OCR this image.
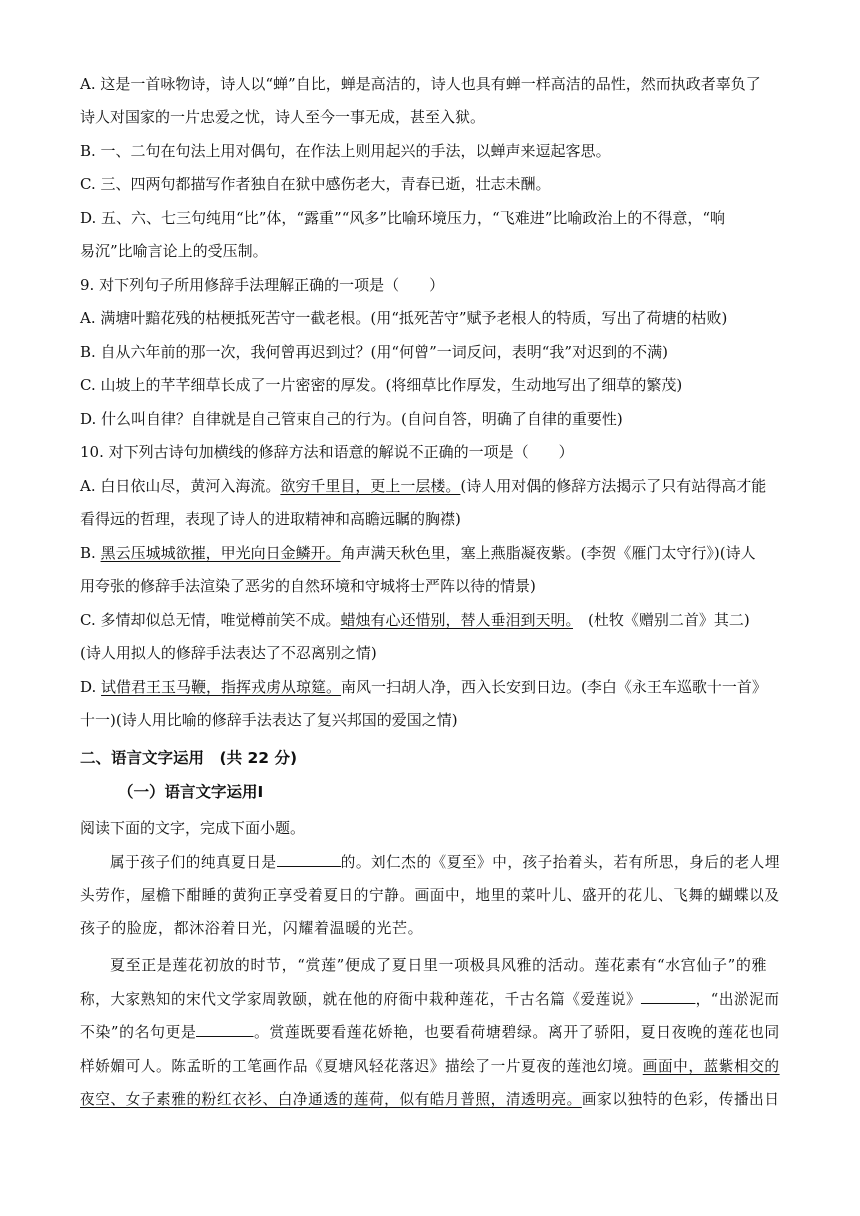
A. 这是一首咏物诗，诗人以“蝉”自比，蝉是高洁的，诗人也具有蝉一样高洁的品性，然而执政者辜负了
诗人对国家的一片忠爱之忧，诗人至今一事无成，甚至入狱。
B. 一、二句在句法上用对偶句，在作法上则用起兴的手法，以蝉声来逗起客思。
C. 三、四两句都描写作者独自在狱中感伤老大，青春已逝，壮志未酬。
D. 五、六、七三句纯用“比”体，“露重”“风多”比喻环境压力，“飞难进”比喻政治上的不得意，“响
易沉”比喻言论上的受压制。
9. 对下列句子所用修辞手法理解正确的一项是（　　）
A. 满塘叶黯花残的枯梗抵死苦守一截老根。(用“抵死苦守”赋予老根人的特质，写出了荷塘的枯败)
B. 自从六年前的那一次，我何曾再迟到过？(用“何曾”一词反问，表明“我”对迟到的不满)
C. 山坡上的芊芊细草长成了一片密密的厚发。(将细草比作厚发，生动地写出了细草的繁茂)
D. 什么叫自律？自律就是自己管束自己的行为。(自问自答，明确了自律的重要性)
10. 对下列古诗句加横线的修辞方法和语意的解说不正确的一项是（　　）
A. 白日依山尽，黄河入海流。欲穷千里目，更上一层楼。(诗人用对偶的修辞方法揭示了只有站得高才能
看得远的哲理，表现了诗人的进取精神和高瞻远瞩的胸襟)
B. 黑云压城城欲摧，甲光向日金鳞开。角声满天秋色里，塞上燕脂凝夜紫。(李贺《雁门太守行》)(诗人
用夸张的修辞手法渲染了恶劣的自然环境和守城将士严阵以待的情景)
C. 多情却似总无情，唯觉樽前笑不成。蜡烛有心还惜别，替人垂泪到天明。　(杜牧《赠别二首》其二)
(诗人用拟人的修辞手法表达了不忍离别之情)
D. 试借君王玉马鞭，指挥戎虏从琼筵。南风一扫胡人净，西入长安到日边。(李白《永王车巡歌十一首》
十一)(诗人用比喻的修辞手法表达了复兴邦国的爱国之情)
二、语言文字运用　(共 22 分)
（一）语言文字运用Ⅰ
阅读下面的文字，完成下面小题。
属于孩子们的纯真夏日是	的。刘仁杰的《夏至》中，孩子抬着头，若有所思，身后的老人埋
头劳作，屋檐下酣睡的黄狗正享受着夏日的宁静。画面中，地里的菜叶儿、盛开的花儿、飞舞的蝴蝶以及
孩子的脸庞，都沐浴着日光，闪耀着温暖的光芒。
夏至正是莲花初放的时节，“赏莲”便成了夏日里一项极具风雅的活动。莲花素有“水宫仙子”的雅
称，大家熟知的宋代文学家周敦颐，就在他的府衙中栽种莲花，千古名篇《爱莲说》	，“出淤泥而
不染”的名句更是	。赏莲既要看莲花娇艳，也要看荷塘碧绿。离开了骄阳，夏日夜晚的莲花也同
样娇媚可人。陈孟昕的工笔画作品《夏塘风轻花落迟》描绘了一片夏夜的莲池幻境。画面中，蓝紫相交的
夜空、女子素雅的粉红衣衫、白净通透的莲荷，似有皓月普照，清透明亮。画家以独特的色彩，传播出日
